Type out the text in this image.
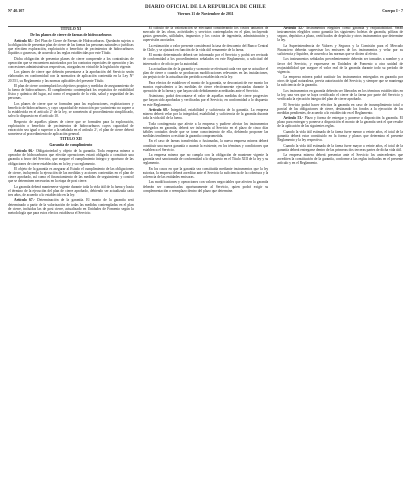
Nº 40.107
DIARIO OFICIAL DE LA REPUBLICA DE CHILE
Viernes 11 de Noviembre de 2011
Cuerpo I - 7
TITULO XI
De los planes de cierre de faenas de hidrocarburos

Artículo 65.- Del Plan de Cierre de Faenas de Hidrocarburos. Quedarán sujetos a la obligación de presentar plan de cierre de las faenas las personas naturales o jurídicas que efectúen exploración, explotación o beneficio de yacimientos de hidrocarburos líquidos o gaseosos, de acuerdo a las reglas establecidas por este Título.

Dicha obligación de presentar planes de cierre comprende a los contratistas de operación que se encuentren autorizados por los contratos especiales de operación y las concesiones administrativas respectivas, otorgadas en virtud de la legislación vigente.

Los planes de cierre que deberán presentarse a la aprobación del Servicio serán elaborados en conformidad con la normativa de aplicación contenida en la Ley N° 20.551, su Reglamento y las normas aplicables del presente Título.

El plan de cierre contemplará los objetivos propios y medidas de aseguramiento de la faena de hidrocarburos. El cumplimiento contemplará los requisitos de estabilidad física y química del lugar, así como el resguardo de la vida, salud y seguridad de las personas.

Los planes de cierre que se formulen para las exploraciones, explotaciones y beneficio de hidrocarburos, y cuyo capacidad de extracción por yacimiento no supere a la establecida en el artículo 2º de la ley, se someterán al procedimiento simplificado, salvo lo dispuesto en el artículo 10.

Respecto de aquellos planes de cierre que se formulen para la exploración, explotación o beneficio de yacimientos de hidrocarburos cuyos capacidad de extracción sea igual o superior a la señalada en el artículo 2º, el plan de cierre deberá someterse al procedimiento de aplicación general.

TITULO XII
Garantía de cumplimiento

Artículo 66.- Obligatoriedad y objeto de la garantía. Toda empresa minera u operador de hidrocarburos que efectúe operaciones estará obligada a constituir una garantía a favor del Servicio, que asegure el cumplimiento íntegro y oportuno de las obligaciones de cierre establecidas en la ley y su reglamento.

El objeto de la garantía es asegurar al Estado el cumplimiento de las obligaciones de cierre, incluyendo la ejecución de las medidas y acciones contenidas en el plan de cierre aprobado, así como el financiamiento de las medidas de seguimiento y control que se determinen necesarias en la etapa de post cierre.

La garantía deberá mantenerse vigente durante toda la vida útil de la faena y hasta el término de la ejecución del plan de cierre aprobado, debiendo ser actualizada cada tres años, de acuerdo a lo establecido en la ley.

Artículo 67.- Determinación de la garantía. El monto de la garantía será determinado a partir de la valorización de todas las medidas contempladas en el plan de cierre, incluidas las de post cierre, actualizado en Unidades de Fomento según la metodología que para estos efectos establezca el Servicio.

El cálculo de la valorización se efectuará considerando los costos unitarios de mercado de las obras, actividades y servicios contemplados en el plan, incluyendo gastos generales, utilidades, impuestos y los costos de ingeniería, administración y supervisión asociados.

La estimación a valor presente considerará la tasa de descuento del Banco Central de Chile, y se ajustará en función de la vida útil remanente de la faena.

El monto determinado deberá ser informado por el Servicio y podrá ser revisado de conformidad a los procedimientos señalados en este Reglamento, a solicitud del interesado o de oficio por la autoridad.

La actualización de la garantía y su monto se efectuará cada vez que se actualice el plan de cierre o cuando se produzcan modificaciones relevantes en las instalaciones, sin perjuicio de la actualización periódica establecida en la ley.

Para efectos de establecer el monto de la garantía, se descontará de ese monto los montos equivalentes a las medidas de cierre efectivamente ejecutadas durante la operación de la faena y que hayan sido debidamente acreditadas ante el Servicio.

Asimismo, podrá descontarse el valor de aquellas medidas de cierre progresivo que hayan sido aprobadas y verificadas por el Servicio, en conformidad a lo dispuesto en este Reglamento.

Artículo 68.- Integridad, estabilidad y suficiencia de la garantía. La empresa minera deberá velar por la integridad, estabilidad y suficiencia de la garantía durante toda la vida útil de la faena.

Toda contingencia que afecte a la empresa y pudiere afectar los instrumentos entregados en garantía, deberá ser informada al Servicio en el plazo de cinco días hábiles contados desde que se tome conocimiento de ella, debiendo proponer las medidas tendientes a restituir la garantía comprometida.

En el caso de faenas transferidas o fusionadas, la nueva empresa minera deberá constituir una nueva garantía o asumir la existente, en los términos y condiciones que establezca el Servicio.

La empresa minera que no cumpla con la obligación de mantener vigente la garantía será sancionada de conformidad a lo dispuesto en el Título XIII de la ley y su reglamento.

En los casos en que la garantía sea constituida mediante instrumentos que la ley autoriza, la empresa deberá acreditar ante el Servicio la suficiencia de la cobertura y la solvencia de las entidades emisoras.

Las modificaciones y operaciones con valores negociables que afecten la garantía deberán ser comunicadas oportunamente al Servicio, quien podrá exigir su complementación o reemplazo dentro del plazo que determine.

Artículo 52.- Instrumentos elegibles como garantía y reajustabilidad. Serán instrumentos elegibles como garantía los siguientes: boletas de garantía, pólizas de seguro, depósitos a plazo, certificados de depósito y otros instrumentos que determine la ley.

La Superintendencia de Valores y Seguros y la Comisión para el Mercado Financiero deberán supervisar los emisores de los instrumentos y velar por su suficiencia y liquidez, de acuerdo a las normas que se dicten al efecto.

Los instrumentos señalados precedentemente deberán ser tomados a nombre y a favor del Servicio, y expresarse en Unidades de Fomento u otra unidad de reajustabilidad que asegure el valor real de la garantía durante todo su período de vigencia.

La empresa minera podrá sustituir los instrumentos entregados en garantía por otros de igual naturaleza, previa autorización del Servicio, y siempre que se mantenga la suficiencia de la garantía.

Los instrumentos en garantía deberán ser liberados en los términos establecidos en la ley, una vez que se haya certificado el cierre de la faena por parte del Servicio y verificada la ejecución íntegra del plan de cierre aprobado.

El Servicio podrá hacer efectiva la garantía en caso de incumplimiento total o parcial de las obligaciones de cierre, destinando los fondos a la ejecución de las medidas pendientes, de acuerdo a lo establecido en el Reglamento.

Artículo 53.- Plazo y forma de entregar y ponerse a disposición la garantía. El plazo para entregar y ponerse a disposición el monto de la garantía será el que resulte de la aplicación de las siguientes reglas.

Cuando la vida útil estimada de la faena fuere menor a veinte años, el total de la garantía deberá estar constituido en la forma y plazos que determina el presente Reglamento y la ley respectiva.

Cuando la vida útil estimada de la faena fuere mayor a veinte años, el total de la garantía deberá entregarse dentro de las primeras dos terceras partes de dicha vida útil.

La empresa minera deberá presentar ante el Servicio los antecedentes que acrediten la constitución de la garantía, conforme a las reglas indicadas en el presente artículo y en el Reglamento.
